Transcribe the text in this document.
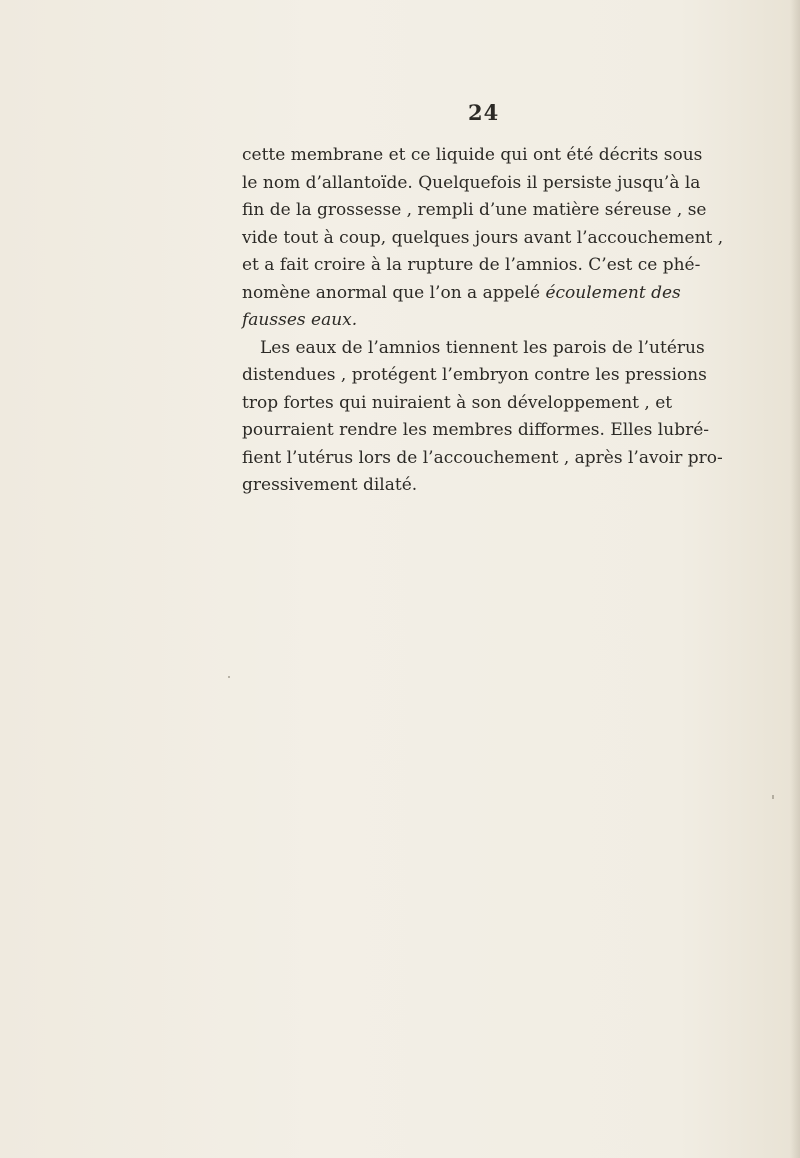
24
cette membrane et ce liquide qui ont été décrits sous
le nom d’allantoïde. Quelquefois il persiste jusqu’à la
fin de la grossesse , rempli d’une matière séreuse , se
vide tout à coup, quelques jours avant l’accouchement ,
et a fait croire à la rupture de l’amnios. C’est ce phé-
nomène anormal que l’on a appelé écoulement des
fausses eaux.
Les eaux de l’amnios tiennent les parois de l’utérus
distendues , protégent l’embryon contre les pressions
trop fortes qui nuiraient à son développement , et
pourraient rendre les membres difformes. Elles lubré-
fient l’utérus lors de l’accouchement , après l’avoir pro-
gressivement dilaté.
